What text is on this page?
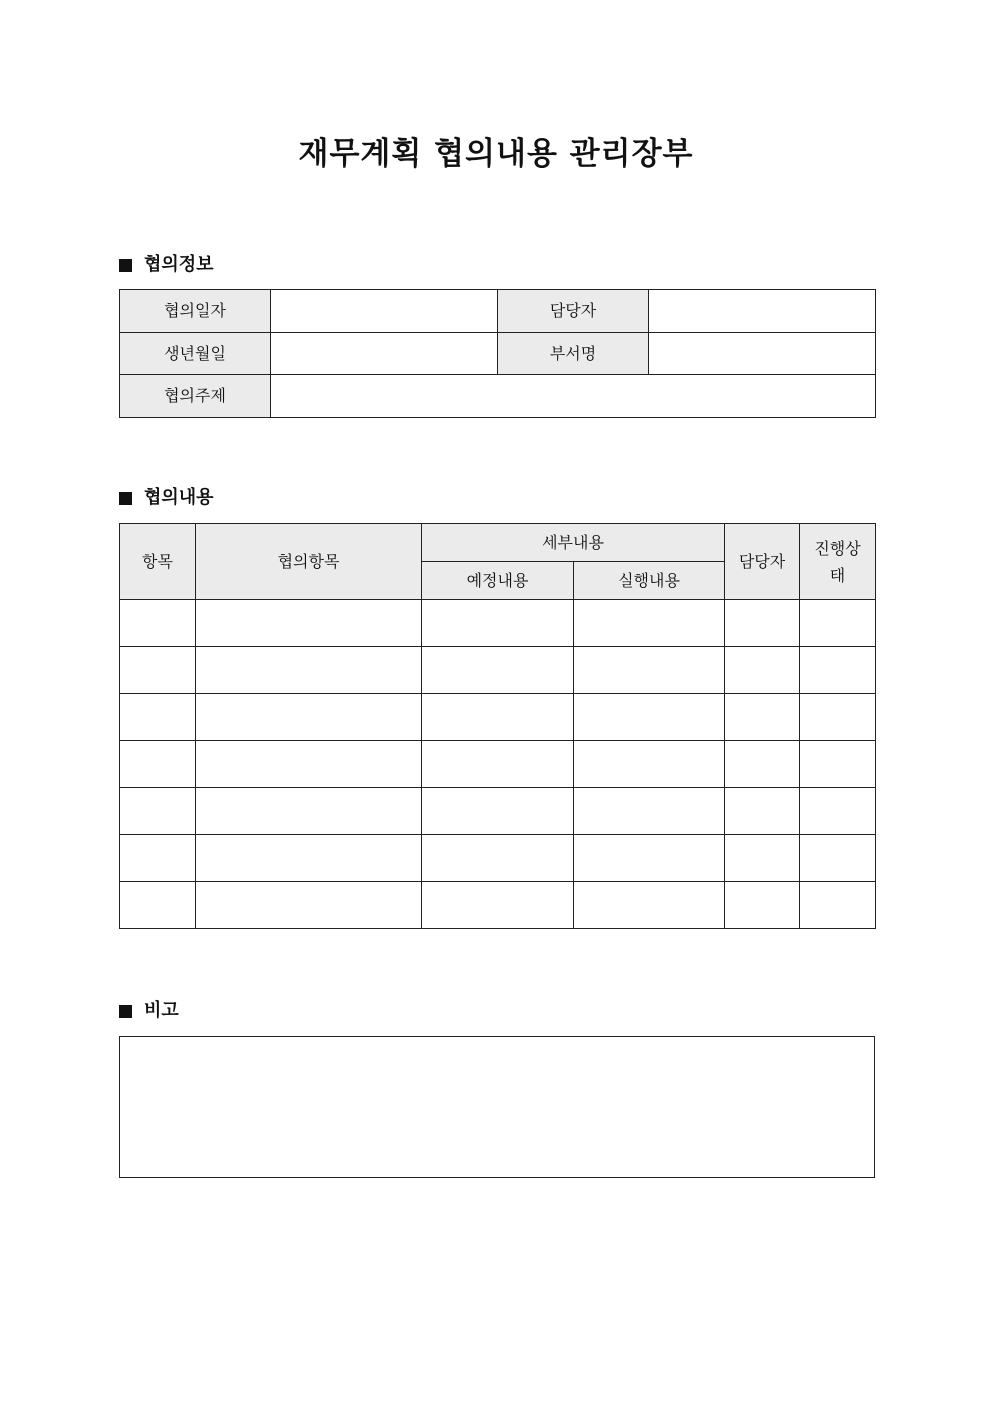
재무계획 협의내용 관리장부
협의정보
협의일자		담당자	
생년월일		부서명	
협의주제			
협의내용
항목	협의항목	세부내용		담당자	진행상태
		예정내용	실행내용		

비고
